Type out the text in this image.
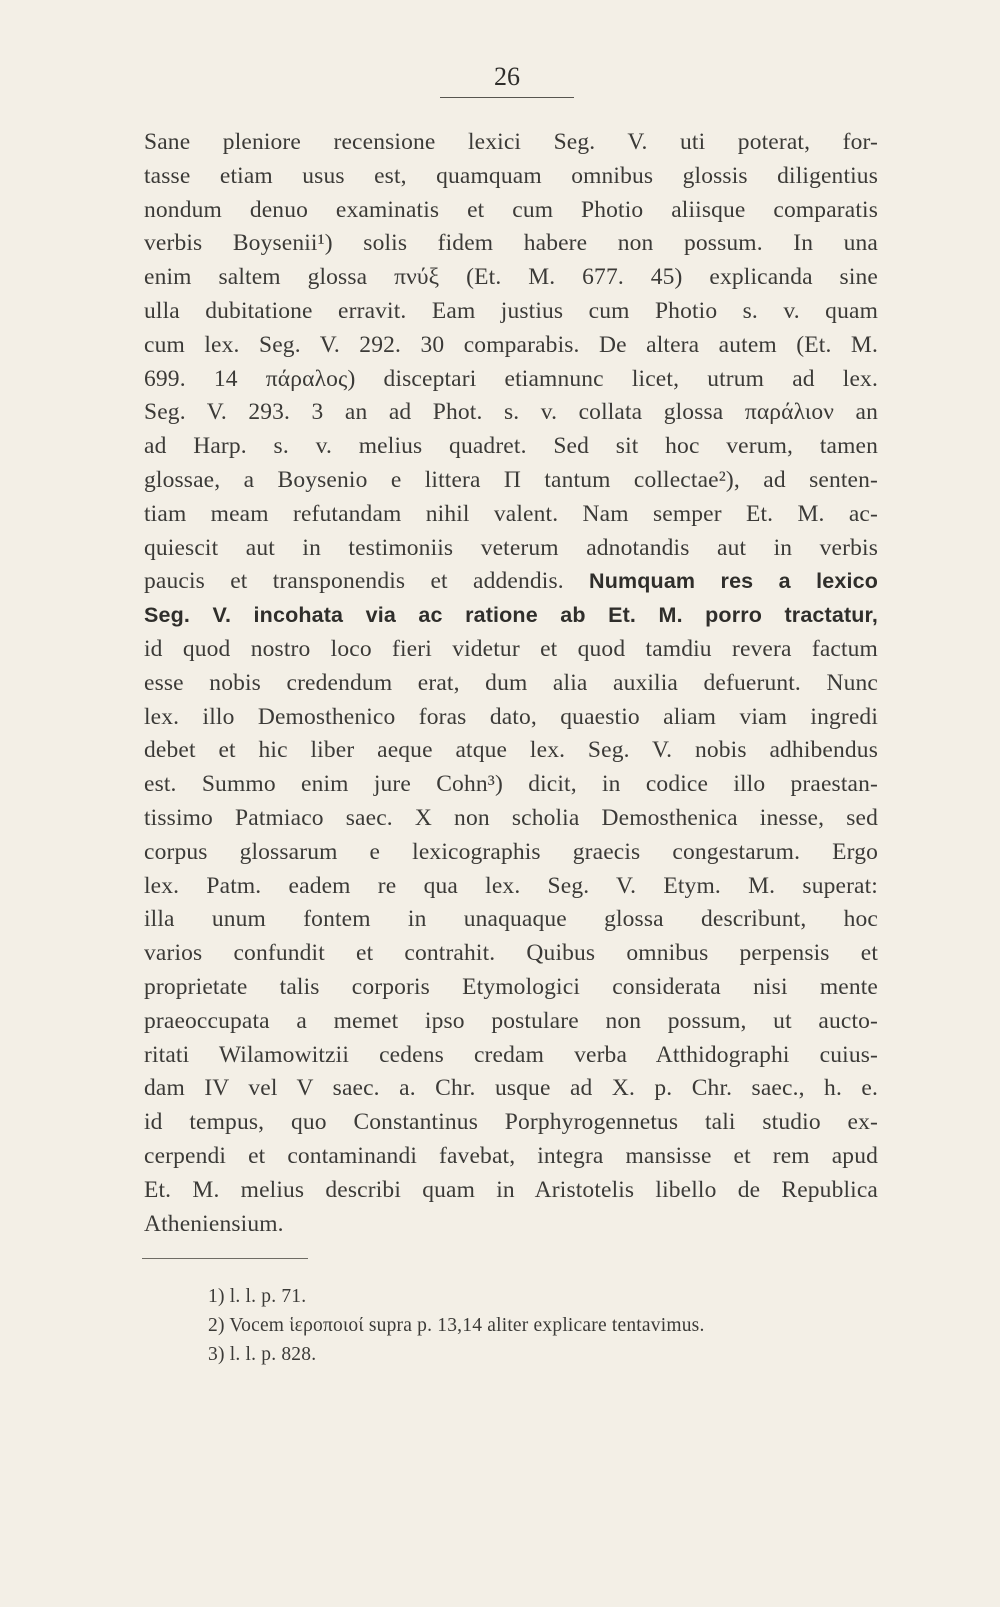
26
Sane pleniore recensione lexici Seg. V. uti poterat, for-
tasse etiam usus est, quamquam omnibus glossis diligentius
nondum denuo examinatis et cum Photio aliisque comparatis
verbis Boysenii¹) solis fidem habere non possum. In una
enim saltem glossa πνύξ (Et. M. 677. 45) explicanda sine
ulla dubitatione erravit. Eam justius cum Photio s. v. quam
cum lex. Seg. V. 292. 30 comparabis. De altera autem (Et. M.
699. 14 πάραλος) disceptari etiamnunc licet, utrum ad lex.
Seg. V. 293. 3 an ad Phot. s. v. collata glossa παράλιον an
ad Harp. s. v. melius quadret. Sed sit hoc verum, tamen
glossae, a Boysenio e littera Π tantum collectae²), ad senten-
tiam meam refutandam nihil valent. Nam semper Et. M. ac-
quiescit aut in testimoniis veterum adnotandis aut in verbis
paucis et transponendis et addendis. Numquam res a lexico
Seg. V. incohata via ac ratione ab Et. M. porro tractatur,
id quod nostro loco fieri videtur et quod tamdiu revera factum
esse nobis credendum erat, dum alia auxilia defuerunt. Nunc
lex. illo Demosthenico foras dato, quaestio aliam viam ingredi
debet et hic liber aeque atque lex. Seg. V. nobis adhibendus
est. Summo enim jure Cohn³) dicit, in codice illo praestan-
tissimo Patmiaco saec. X non scholia Demosthenica inesse, sed
corpus glossarum e lexicographis graecis congestarum. Ergo
lex. Patm. eadem re qua lex. Seg. V. Etym. M. superat:
illa unum fontem in unaquaque glossa describunt, hoc
varios confundit et contrahit. Quibus omnibus perpensis et
proprietate talis corporis Etymologici considerata nisi mente
praeoccupata a memet ipso postulare non possum, ut aucto-
ritati Wilamowitzii cedens credam verba Atthidographi cuius-
dam IV vel V saec. a. Chr. usque ad X. p. Chr. saec., h. e.
id tempus, quo Constantinus Porphyrogennetus tali studio ex-
cerpendi et contaminandi favebat, integra mansisse et rem apud
Et. M. melius describi quam in Aristotelis libello de Republica
Atheniensium.
1) l. l. p. 71.
2) Vocem ἱεροποιοί supra p. 13,14 aliter explicare tentavimus.
3) l. l. p. 828.
